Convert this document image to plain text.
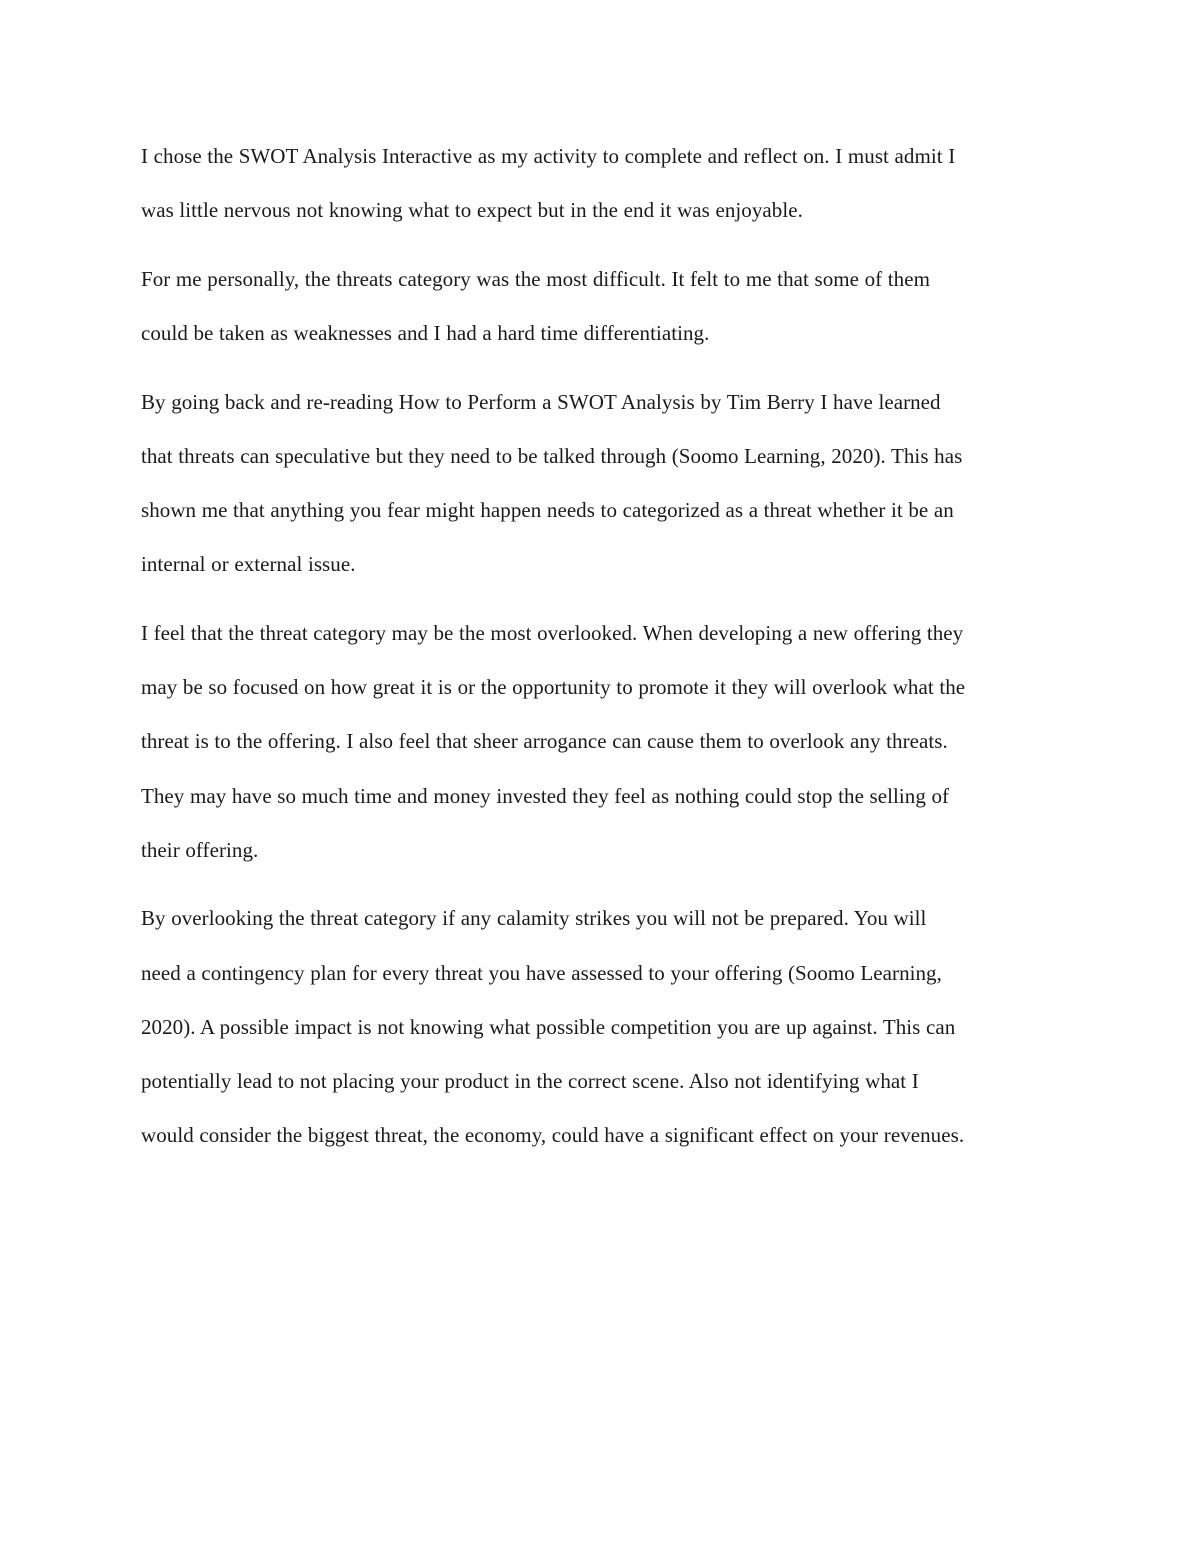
I chose the SWOT Analysis Interactive as my activity to complete and reflect on. I must admit I
was little nervous not knowing what to expect but in the end it was enjoyable.

For me personally, the threats category was the most difficult. It felt to me that some of them
could be taken as weaknesses and I had a hard time differentiating.

By going back and re-reading How to Perform a SWOT Analysis by Tim Berry I have learned
that threats can speculative but they need to be talked through (Soomo Learning, 2020). This has
shown me that anything you fear might happen needs to categorized as a threat whether it be an
internal or external issue.

I feel that the threat category may be the most overlooked. When developing a new offering they
may be so focused on how great it is or the opportunity to promote it they will overlook what the
threat is to the offering. I also feel that sheer arrogance can cause them to overlook any threats.
They may have so much time and money invested they feel as nothing could stop the selling of
their offering.

By overlooking the threat category if any calamity strikes you will not be prepared. You will
need a contingency plan for every threat you have assessed to your offering (Soomo Learning,
2020). A possible impact is not knowing what possible competition you are up against. This can
potentially lead to not placing your product in the correct scene. Also not identifying what I
would consider the biggest threat, the economy, could have a significant effect on your revenues.
